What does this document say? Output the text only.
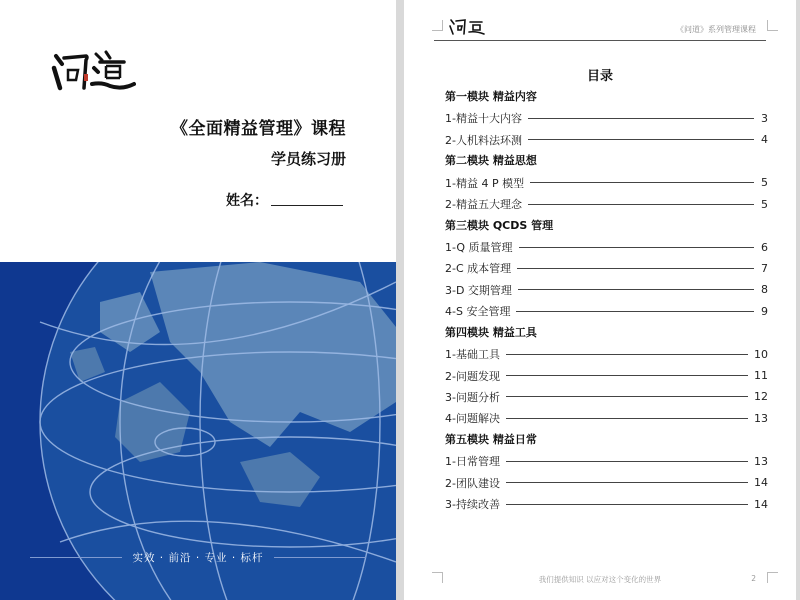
《全面精益管理》课程
学员练习册
姓名：
实效 · 前沿 · 专业 · 标杆
《问道》系列管理课程
目录
第一模块 精益内容
1-精益十大内容	3
2-人机料法环测	4
第二模块 精益思想
1-精益 4 P 模型	5
2-精益五大理念	5
第三模块 QCDS 管理
1-Q 质量管理	6
2-C 成本管理	7
3-D 交期管理	8
4-S 安全管理	9
第四模块 精益工具
1-基础工具	10
2-问题发现	11
3-问题分析	12
4-问题解决	13
第五模块 精益日常
1-日常管理	13
2-团队建设	14
3-持续改善	14
我们提供知识 以应对这个变化的世界	2
